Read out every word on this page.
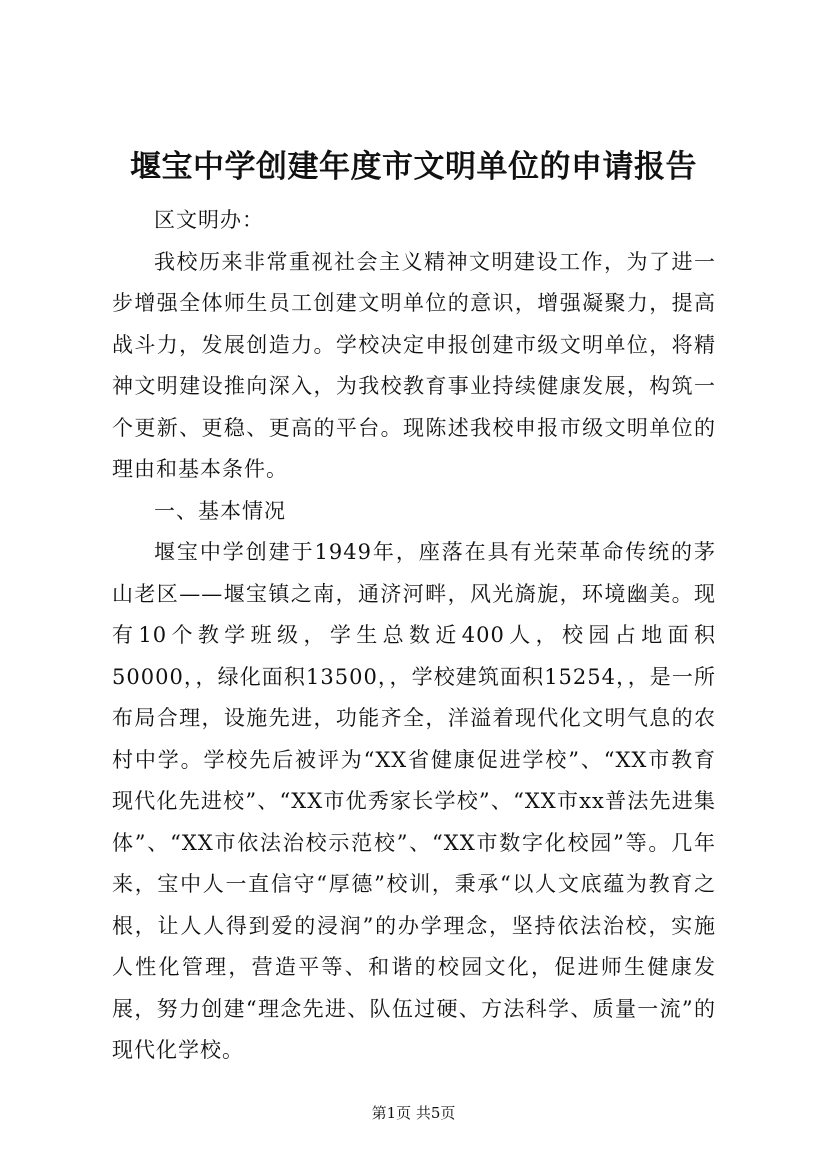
堰宝中学创建年度市文明单位的申请报告

区文明办：

我校历来非常重视社会主义精神文明建设工作，为了进一步增强全体师生员工创建文明单位的意识，增强凝聚力，提高战斗力，发展创造力。学校决定申报创建市级文明单位，将精神文明建设推向深入，为我校教育事业持续健康发展，构筑一个更新、更稳、更高的平台。现陈述我校申报市级文明单位的理由和基本条件。

一、基本情况

堰宝中学创建于1949年，座落在具有光荣革命传统的茅山老区——堰宝镇之南，通济河畔，风光旖旎，环境幽美。现有10个教学班级，学生总数近400人，校园占地面积50000，，绿化面积13500，，学校建筑面积15254，，是一所布局合理，设施先进，功能齐全，洋溢着现代化文明气息的农村中学。学校先后被评为“XX省健康促进学校”、“XX市教育现代化先进校”、“XX市优秀家长学校”、“XX市xx普法先进集体”、“XX市依法治校示范校”、“XX市数字化校园”等。几年来，宝中人一直信守“厚德”校训，秉承“以人文底蕴为教育之根，让人人得到爱的浸润”的办学理念，坚持依法治校，实施人性化管理，营造平等、和谐的校园文化，促进师生健康发展，努力创建“理念先进、队伍过硬、方法科学、质量一流”的现代化学校。

第1页 共5页
